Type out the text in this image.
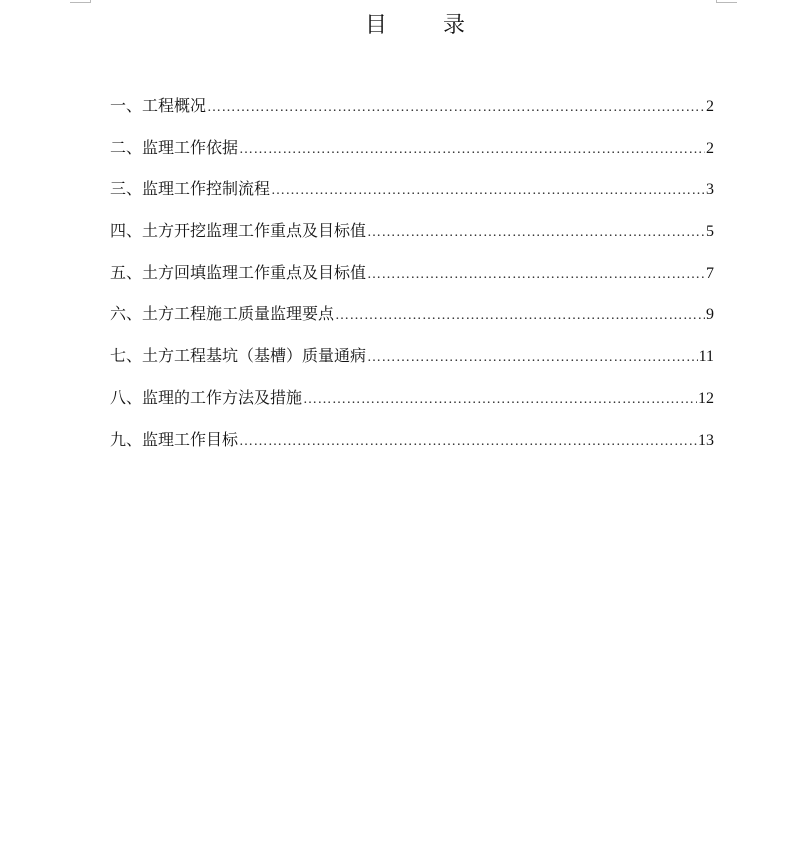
目	录
一、工程概况 ……………………………………………………………………………………………………………………………………………………………………………………	2
二、监理工作依据 ……………………………………………………………………………………………………………………………………………………………………………………	2
三、监理工作控制流程 ……………………………………………………………………………………………………………………………………………………………………………………	3
四、土方开挖监理工作重点及目标值 ……………………………………………………………………………………………………………………………………………………………………………………	5
五、土方回填监理工作重点及目标值 ……………………………………………………………………………………………………………………………………………………………………………………	7
六、土方工程施工质量监理要点 ……………………………………………………………………………………………………………………………………………………………………………………	9
七、土方工程基坑（基槽）质量通病 ……………………………………………………………………………………………………………………………………………………………………………………	11
八、监理的工作方法及措施 ……………………………………………………………………………………………………………………………………………………………………………………	12
九、监理工作目标 ……………………………………………………………………………………………………………………………………………………………………………………	13
